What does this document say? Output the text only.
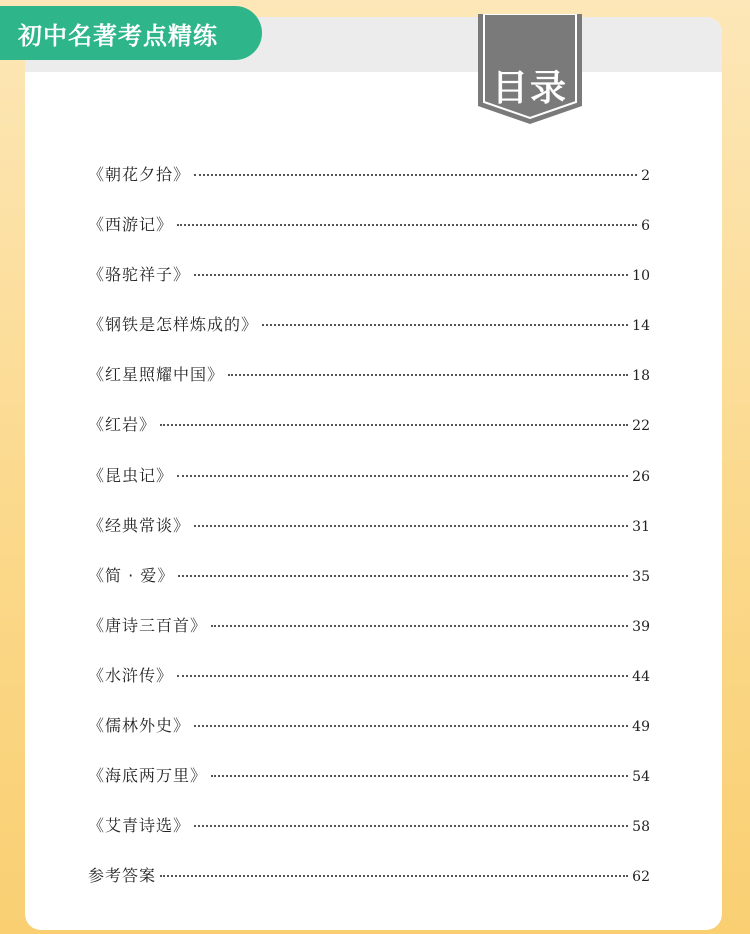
初中名著考点精练
目录
《朝花夕拾》	2
《西游记》	6
《骆驼祥子》	10
《钢铁是怎样炼成的》	14
《红星照耀中国》	18
《红岩》	22
《昆虫记》	26
《经典常谈》	31
《简 · 爱》	35
《唐诗三百首》	39
《水浒传》	44
《儒林外史》	49
《海底两万里》	54
《艾青诗选》	58
参考答案	62
